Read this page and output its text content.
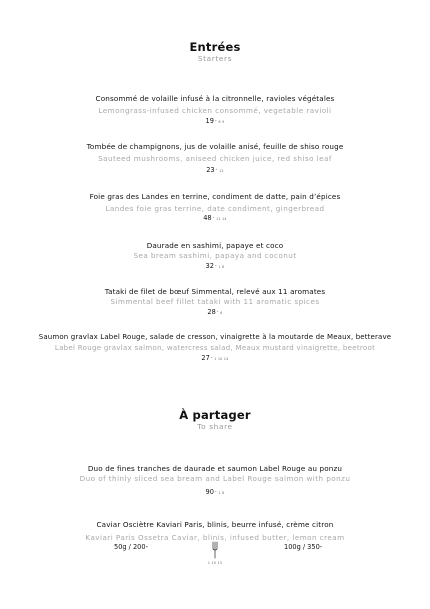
Entrées
Starters
Consommé de volaille infusé à la citronnelle, ravioles végétales
Lemongrass-infused chicken consommé, vegetable ravioli
19- 6 9
Tombée de champignons, jus de volaille anisé, feuille de shiso rouge
Sauteed mushrooms, aniseed chicken juice, red shiso leaf
23- 12
Foie gras des Landes en terrine, condiment de datte, pain d’épices
Landes foie gras terrine, date condiment, gingerbread
48- 11 14
Daurade en sashimi, papaye et coco
Sea bream sashimi, papaya and coconut
32- 1 8
Tataki de filet de bœuf Simmental, relevé aux 11 aromates
Simmental beef fillet tataki with 11 aromatic spices
28- 6
Saumon gravlax Label Rouge, salade de cresson, vinaigrette à la moutarde de Meaux, betterave
Label Rouge gravlax salmon, watercress salad, Meaux mustard vinaigrette, beetroot
27- 1 10 14
À partager
To share
Duo de fines tranches de daurade et saumon Label Rouge au ponzu
Duo of thinly sliced sea bream and Label Rouge salmon with ponzu
90- 1 8
Caviar Osciètre Kaviari Paris, blinis, beurre infusé, crème citron
Kaviari Paris Ossetra Caviar, blinis, infused butter, lemon cream
50g / 200-	100g / 350-
1 10 13
